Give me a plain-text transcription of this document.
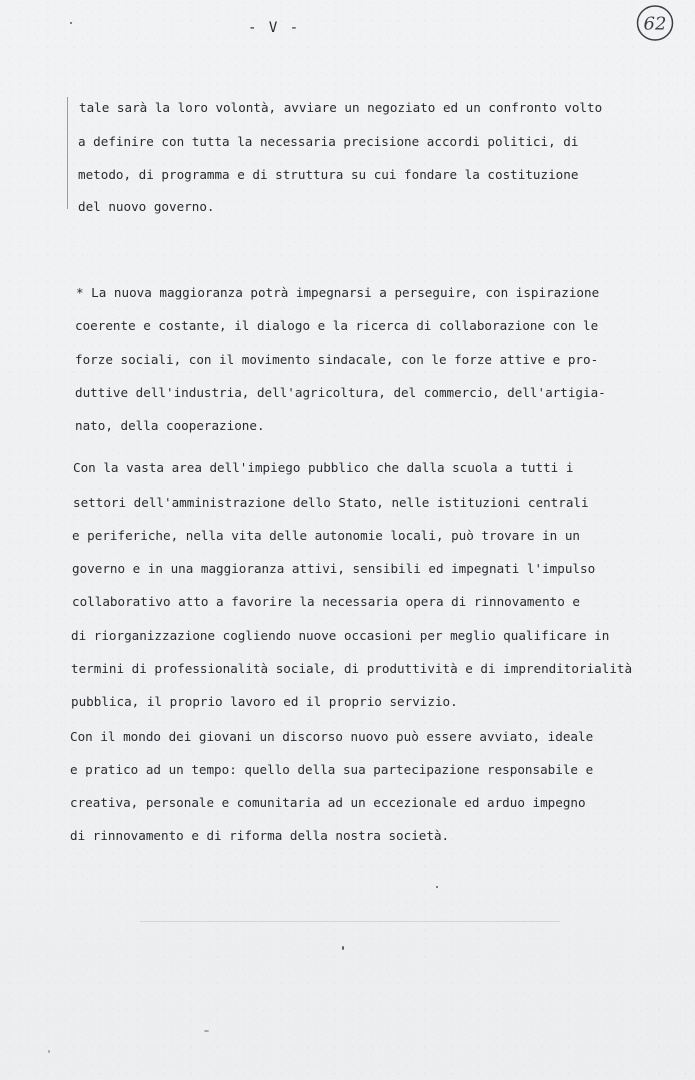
- V -	62

tale sarà la loro volontà, avviare un negoziato ed un confronto volto

a definire con tutta la necessaria precisione accordi politici, di

metodo, di programma e di struttura su cui fondare la costituzione

del nuovo governo.

* La nuova maggioranza potrà impegnarsi a perseguire, con ispirazione

coerente e costante, il dialogo e la ricerca di collaborazione con le

forze sociali, con il movimento sindacale, con le forze attive e pro-

duttive dell'industria, dell'agricoltura, del commercio, dell'artigia-

nato, della cooperazione.

Con la vasta area dell'impiego pubblico che dalla scuola a tutti i

settori dell'amministrazione dello Stato, nelle istituzioni centrali

e periferiche, nella vita delle autonomie locali, può trovare in un

governo e in una maggioranza attivi, sensibili ed impegnati l'impulso

collaborativo atto a favorire la necessaria opera di rinnovamento e

di riorganizzazione cogliendo nuove occasioni per meglio qualificare in

termini di professionalità sociale, di produttività e di imprenditorialità

pubblica, il proprio lavoro ed il proprio servizio.

Con il mondo dei giovani un discorso nuovo può essere avviato, ideale

e pratico ad un tempo: quello della sua partecipazione responsabile e

creativa, personale e comunitaria ad un eccezionale ed arduo impegno

di rinnovamento e di riforma della nostra società.
